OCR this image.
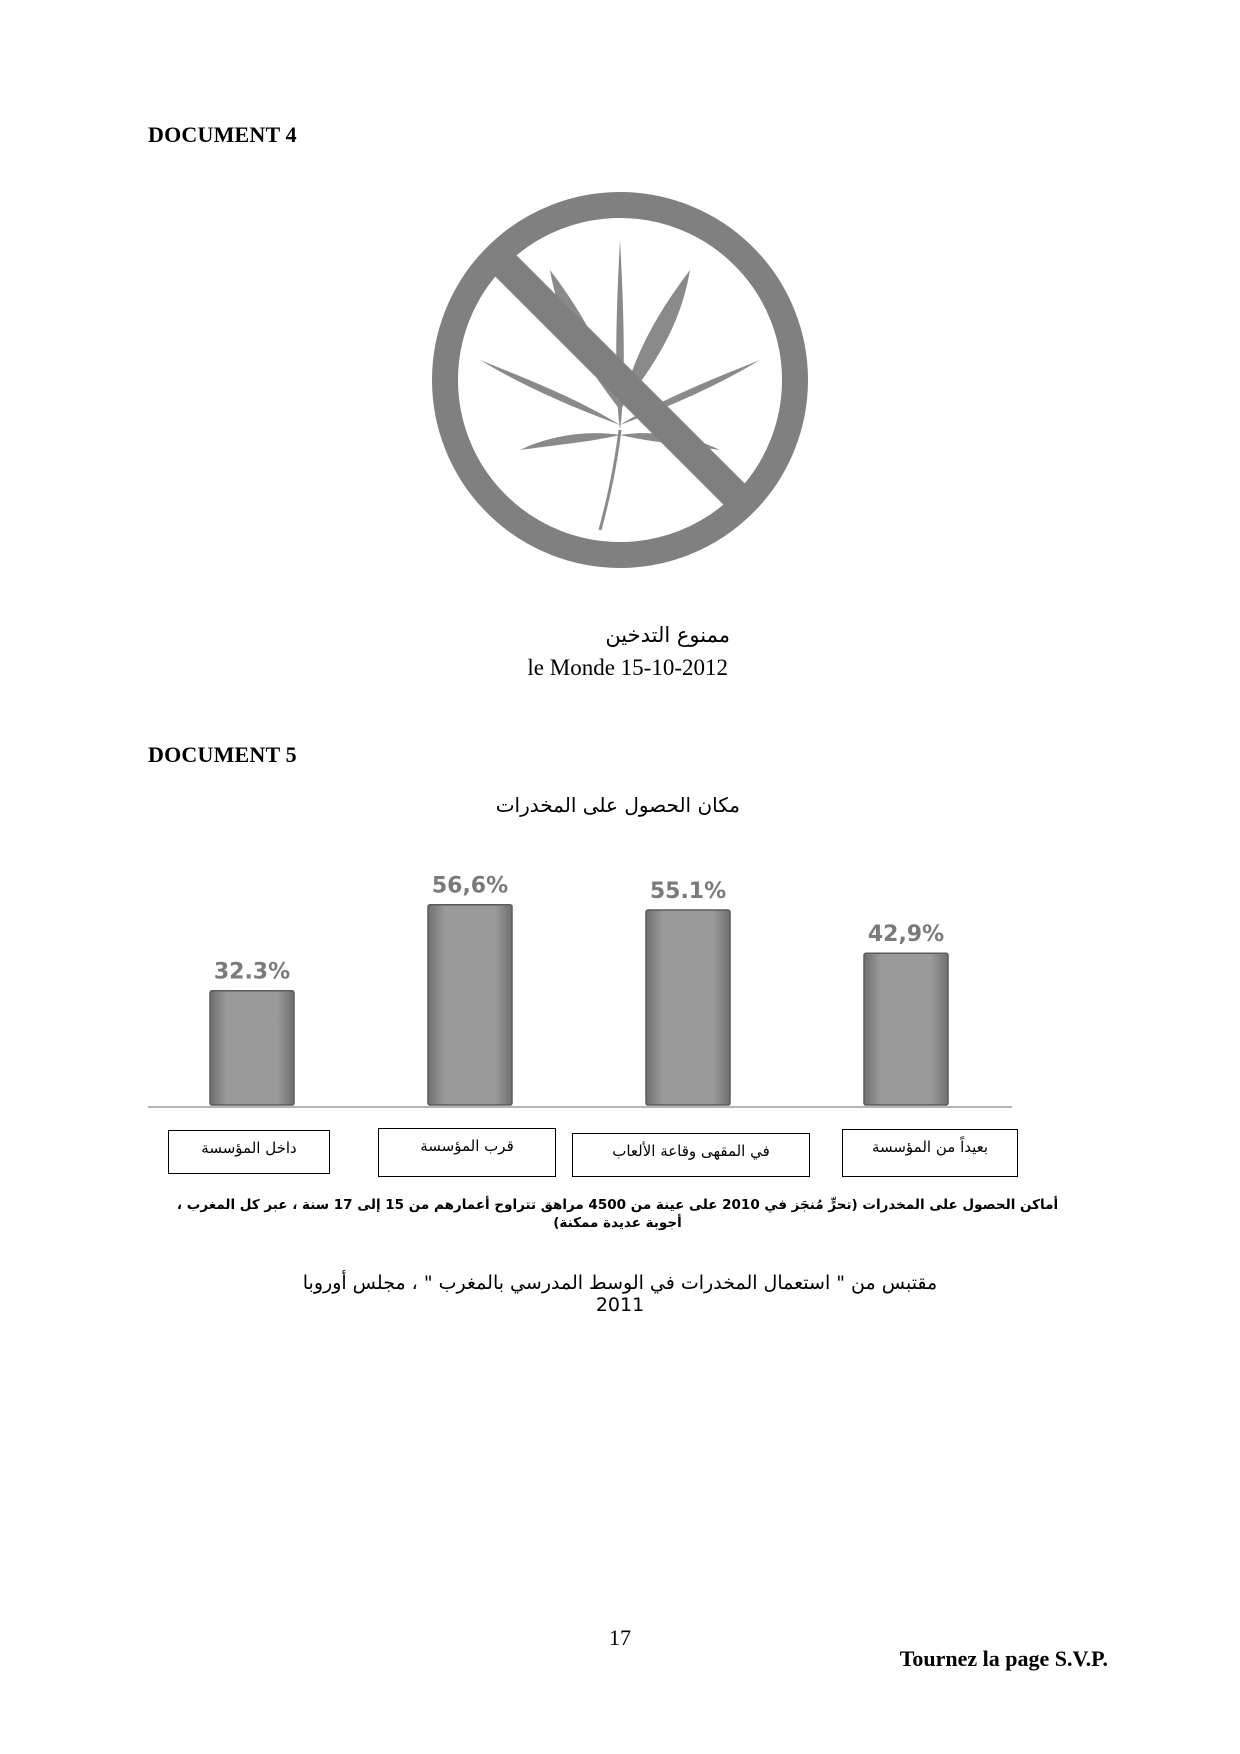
DOCUMENT 4
ممنوع التدخين
le Monde 15-10-2012
DOCUMENT 5
مكان الحصول على المخدرات
32.3%
56,6%	55.1%
42,9%
داخل المؤسسة	قرب المؤسسة	في المقهى وقاعة الألعاب	بعيداً من المؤسسة
أماكن الحصول على المخدرات (تحرٍّ مُنجَز في 2010 على عينة من 4500 مراهق تتراوح أعمارهم من 15 إلى 17 سنة ، عبر كل المغرب ،
أجوبة عديدة ممكنة)
مقتبس من " استعمال المخدرات في الوسط المدرسي بالمغرب " ، مجلس أوروبا 2011
17
Tournez la page S.V.P.
